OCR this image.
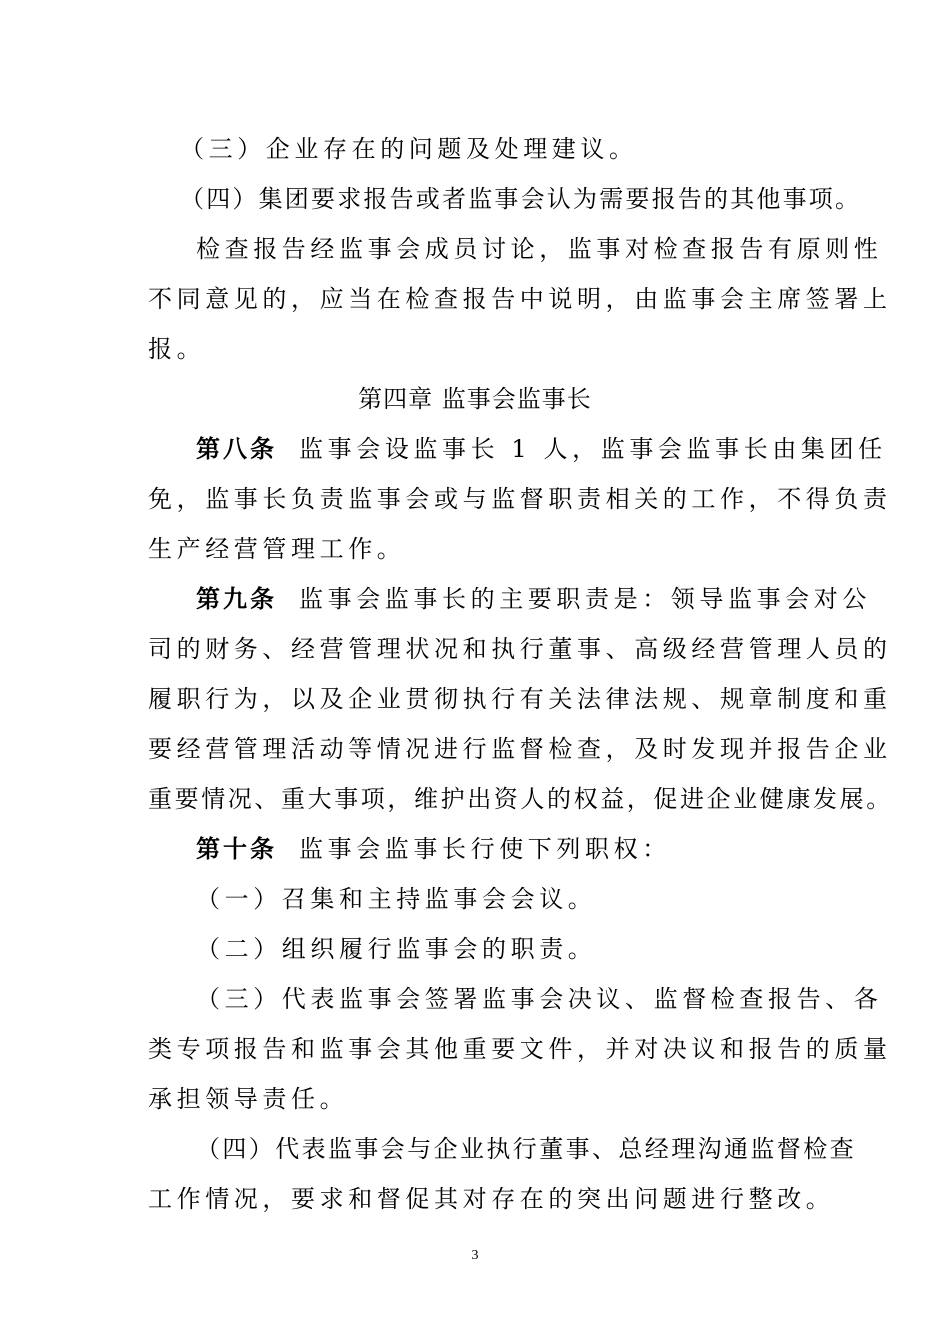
（三）企业存在的问题及处理建议。
（四）集团要求报告或者监事会认为需要报告的其他事项。
检查报告经监事会成员讨论，监事对检查报告有原则性
不同意见的，应当在检查报告中说明，由监事会主席签署上
报。
第四章 监事会监事长
第八条 监事会设监事长 1 人，监事会监事长由集团任
免，监事长负责监事会或与监督职责相关的工作，不得负责
生产经营管理工作。
第九条 监事会监事长的主要职责是：领导监事会对公
司的财务、经营管理状况和执行董事、高级经营管理人员的
履职行为，以及企业贯彻执行有关法律法规、规章制度和重
要经营管理活动等情况进行监督检查，及时发现并报告企业
重要情况、重大事项，维护出资人的权益，促进企业健康发展。
第十条 监事会监事长行使下列职权：
（一）召集和主持监事会会议。
（二）组织履行监事会的职责。
（三）代表监事会签署监事会决议、监督检查报告、各
类专项报告和监事会其他重要文件，并对决议和报告的质量
承担领导责任。
（四）代表监事会与企业执行董事、总经理沟通监督检查
工作情况，要求和督促其对存在的突出问题进行整改。
3
